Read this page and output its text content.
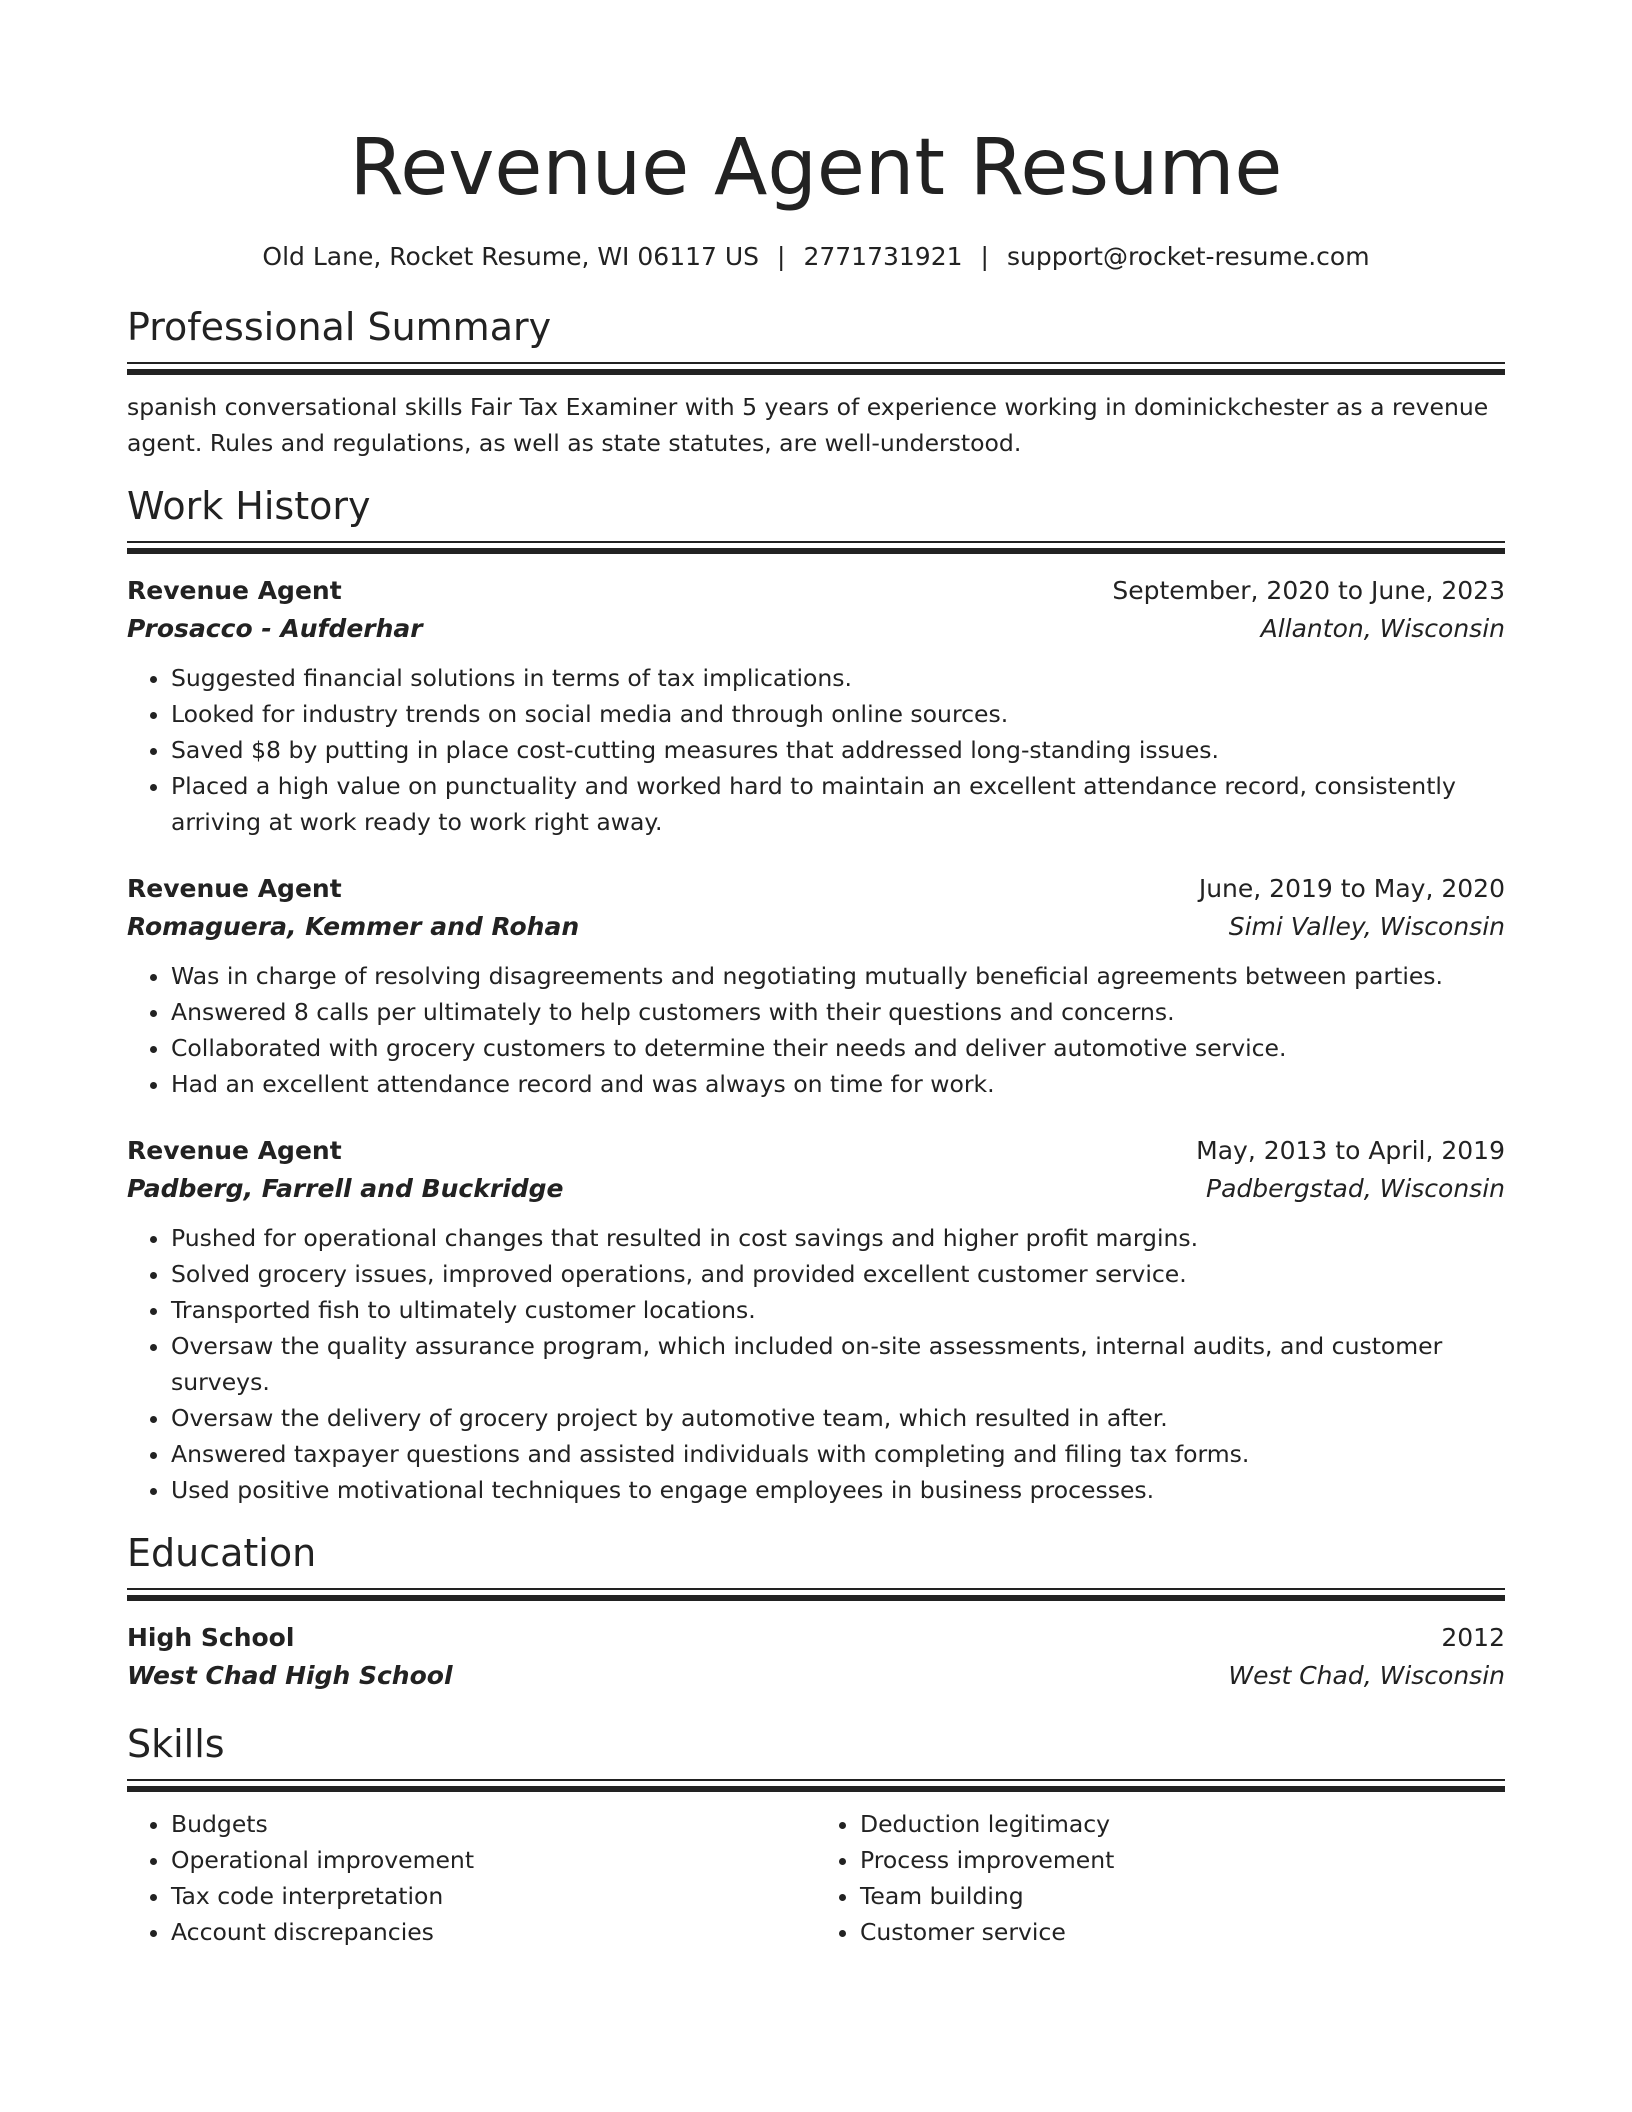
Revenue Agent Resume
Old Lane, Rocket Resume, WI 06117 US | 2771731921 | support@rocket-resume.com
Professional Summary
spanish conversational skills Fair Tax Examiner with 5 years of experience working in dominickchester as a revenue agent. Rules and regulations, as well as state statutes, are well-understood.
Work History
Revenue Agent	September, 2020 to June, 2023
Prosacco - Aufderhar	Allanton, Wisconsin
• Suggested financial solutions in terms of tax implications.
• Looked for industry trends on social media and through online sources.
• Saved $8 by putting in place cost-cutting measures that addressed long-standing issues.
• Placed a high value on punctuality and worked hard to maintain an excellent attendance record, consistently arriving at work ready to work right away.
Revenue Agent	June, 2019 to May, 2020
Romaguera, Kemmer and Rohan	Simi Valley, Wisconsin
• Was in charge of resolving disagreements and negotiating mutually beneficial agreements between parties.
• Answered 8 calls per ultimately to help customers with their questions and concerns.
• Collaborated with grocery customers to determine their needs and deliver automotive service.
• Had an excellent attendance record and was always on time for work.
Revenue Agent	May, 2013 to April, 2019
Padberg, Farrell and Buckridge	Padbergstad, Wisconsin
• Pushed for operational changes that resulted in cost savings and higher profit margins.
• Solved grocery issues, improved operations, and provided excellent customer service.
• Transported fish to ultimately customer locations.
• Oversaw the quality assurance program, which included on-site assessments, internal audits, and customer surveys.
• Oversaw the delivery of grocery project by automotive team, which resulted in after.
• Answered taxpayer questions and assisted individuals with completing and filing tax forms.
• Used positive motivational techniques to engage employees in business processes.
Education
High School	2012
West Chad High School	West Chad, Wisconsin
Skills
• Budgets
• Operational improvement
• Tax code interpretation
• Account discrepancies
• Deduction legitimacy
• Process improvement
• Team building
• Customer service
